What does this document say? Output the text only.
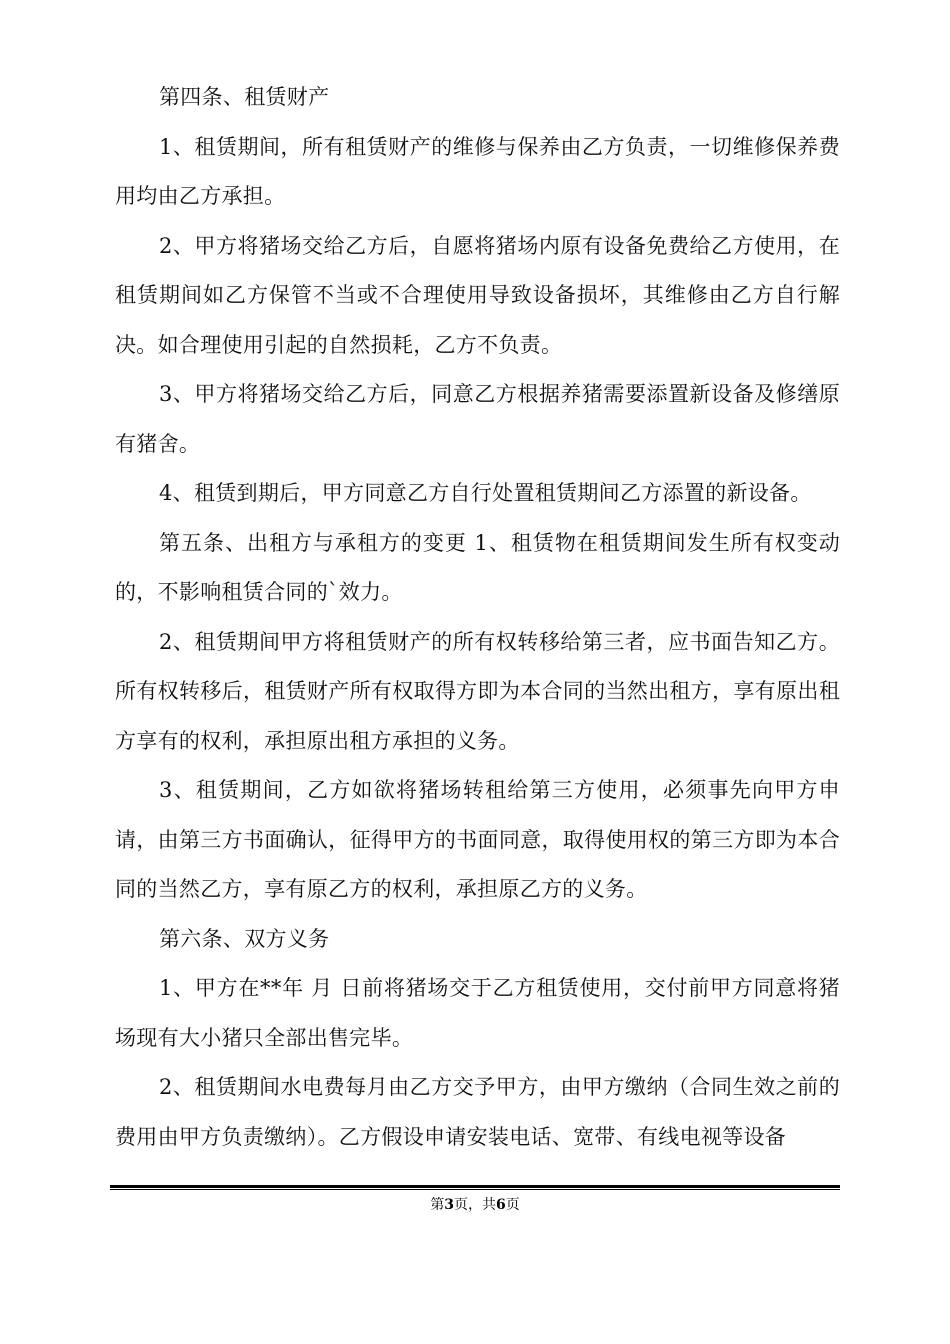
第四条、租赁财产

1、租赁期间，所有租赁财产的维修与保养由乙方负责，一切维修保养费用均由乙方承担。

2、甲方将猪场交给乙方后，自愿将猪场内原有设备免费给乙方使用，在租赁期间如乙方保管不当或不合理使用导致设备损坏，其维修由乙方自行解决。如合理使用引起的自然损耗，乙方不负责。

3、甲方将猪场交给乙方后，同意乙方根据养猪需要添置新设备及修缮原有猪舍。

4、租赁到期后，甲方同意乙方自行处置租赁期间乙方添置的新设备。

第五条、出租方与承租方的变更 1、租赁物在租赁期间发生所有权变动的，不影响租赁合同的`效力。

2、租赁期间甲方将租赁财产的所有权转移给第三者，应书面告知乙方。所有权转移后，租赁财产所有权取得方即为本合同的当然出租方，享有原出租方享有的权利，承担原出租方承担的义务。

3、租赁期间，乙方如欲将猪场转租给第三方使用，必须事先向甲方申请，由第三方书面确认，征得甲方的书面同意，取得使用权的第三方即为本合同的当然乙方，享有原乙方的权利，承担原乙方的义务。

第六条、双方义务

1、甲方在**年 月 日前将猪场交于乙方租赁使用，交付前甲方同意将猪场现有大小猪只全部出售完毕。

2、租赁期间水电费每月由乙方交予甲方，由甲方缴纳（合同生效之前的费用由甲方负责缴纳）。乙方假设申请安装电话、宽带、有线电视等设备

第3页，共6页
